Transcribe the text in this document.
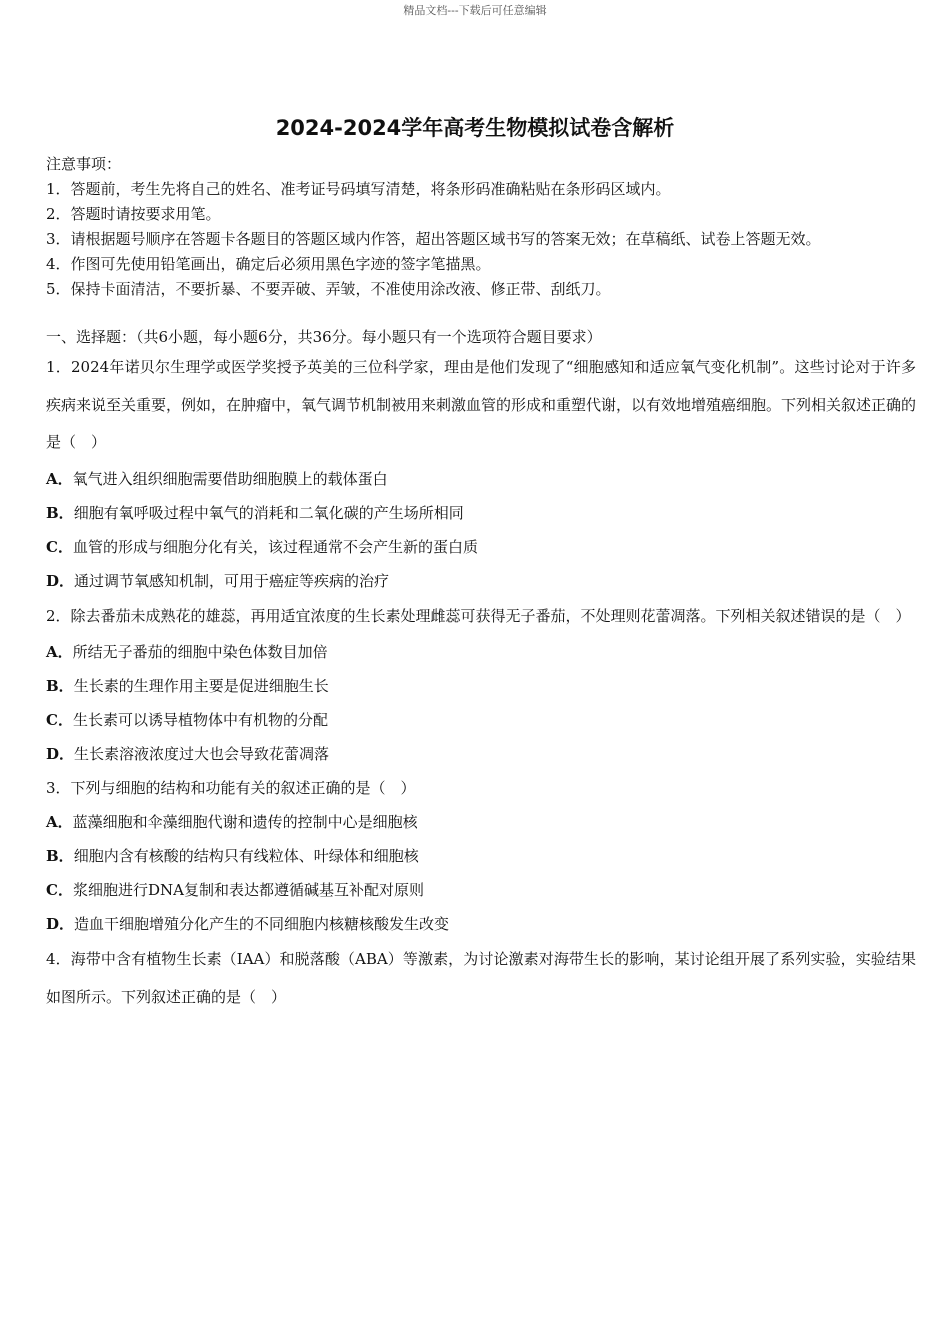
精品文档---下载后可任意编辑
2024-2024学年高考生物模拟试卷含解析
注意事项：
1．答题前，考生先将自己的姓名、准考证号码填写清楚，将条形码准确粘贴在条形码区域内。
2．答题时请按要求用笔。
3．请根据题号顺序在答题卡各题目的答题区域内作答，超出答题区域书写的答案无效；在草稿纸、试卷上答题无效。
4．作图可先使用铅笔画出，确定后必须用黑色字迹的签字笔描黑。
5．保持卡面清洁，不要折暴、不要弄破、弄皱，不准使用涂改液、修正带、刮纸刀。
一、选择题：（共6小题，每小题6分，共36分。每小题只有一个选项符合题目要求）
1．2024年诺贝尔生理学或医学奖授予英美的三位科学家，理由是他们发现了“细胞感知和适应氧气变化机制”。这些讨论对于许多疾病来说至关重要，例如，在肿瘤中，氧气调节机制被用来刺激血管的形成和重塑代谢，以有效地增殖癌细胞。下列相关叙述正确的是（　）
A．氧气进入组织细胞需要借助细胞膜上的载体蛋白
B．细胞有氧呼吸过程中氧气的消耗和二氧化碳的产生场所相同
C．血管的形成与细胞分化有关，该过程通常不会产生新的蛋白质
D．通过调节氧感知机制，可用于癌症等疾病的治疗
2．除去番茄未成熟花的雄蕊，再用适宜浓度的生长素处理雌蕊可获得无子番茄，不处理则花蕾凋落。下列相关叙述错误的是（　）
A．所结无子番茄的细胞中染色体数目加倍
B．生长素的生理作用主要是促进细胞生长
C．生长素可以诱导植物体中有机物的分配
D．生长素溶液浓度过大也会导致花蕾凋落
3．下列与细胞的结构和功能有关的叙述正确的是（　）
A．蓝藻细胞和伞藻细胞代谢和遗传的控制中心是细胞核
B．细胞内含有核酸的结构只有线粒体、叶绿体和细胞核
C．浆细胞进行DNA复制和表达都遵循碱基互补配对原则
D．造血干细胞增殖分化产生的不同细胞内核糖核酸发生改变
4．海带中含有植物生长素（IAA）和脱落酸（ABA）等激素，为讨论激素对海带生长的影响，某讨论组开展了系列实验，实验结果如图所示。下列叙述正确的是（　）
